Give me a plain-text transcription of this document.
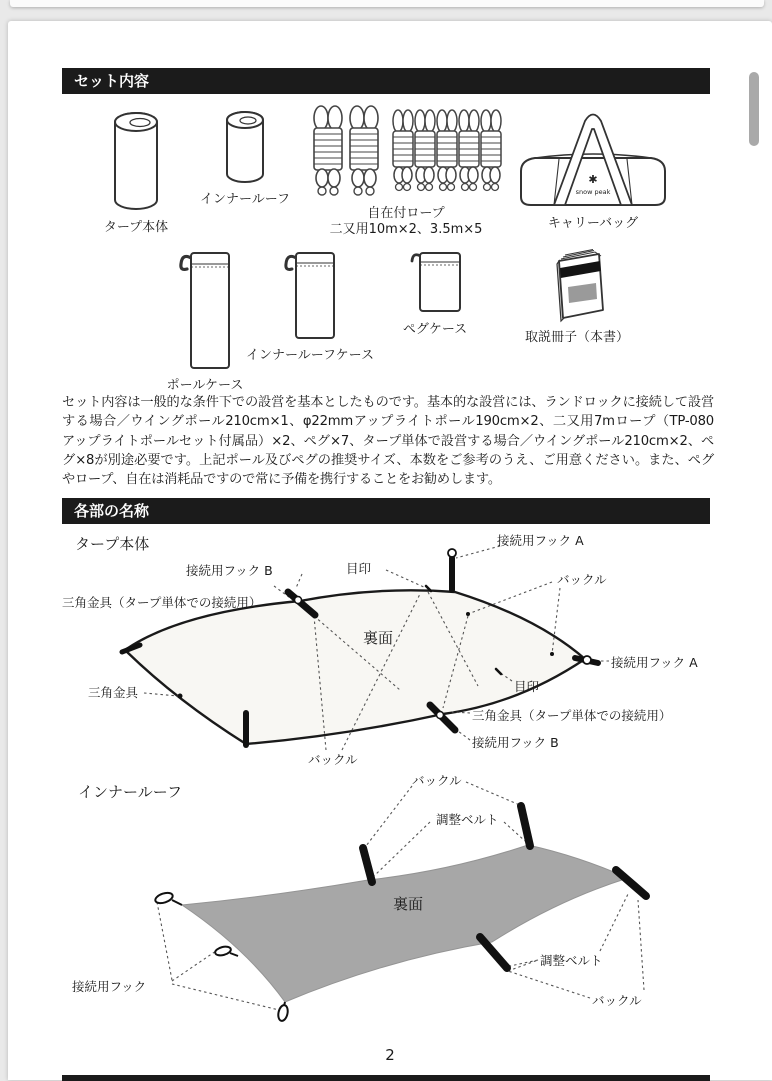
セット内容
タープ本体
インナールーフ
自在付ロープ
二又用10m×2、3.5m×5
✱
snow peak
キャリーバッグ
ポールケース
インナールーフケース
ペグケース
取説冊子（本書）
セット内容は一般的な条件下での設営を基本としたものです。基本的な設営には、ランドロックに接続して設営する場合／ウイングポール210cm×1、φ22mmアップライトポール190cm×2、二又用7mロープ（TP-080　アップライトポールセット付属品）×2、ペグ×7、タープ単体で設営する場合／ウイングポール210cm×2、ペグ×8が別途必要です。上記ポール及びペグの推奨サイズ、本数をご参考のうえ、ご用意ください。また、ペグやロープ、自在は消耗品ですので常に予備を携行することをお勧めします。
各部の名称
タープ本体	接続用フック A
接続用フック B	目印
バックル
三角金具（タープ単体での接続用）
裏面
接続用フック A
目印
三角金具
三角金具（タープ単体での接続用）
接続用フック B
バックル
インナールーフ
バックル
調整ベルト
裏面
接続用フック
調整ベルト
バックル
2
